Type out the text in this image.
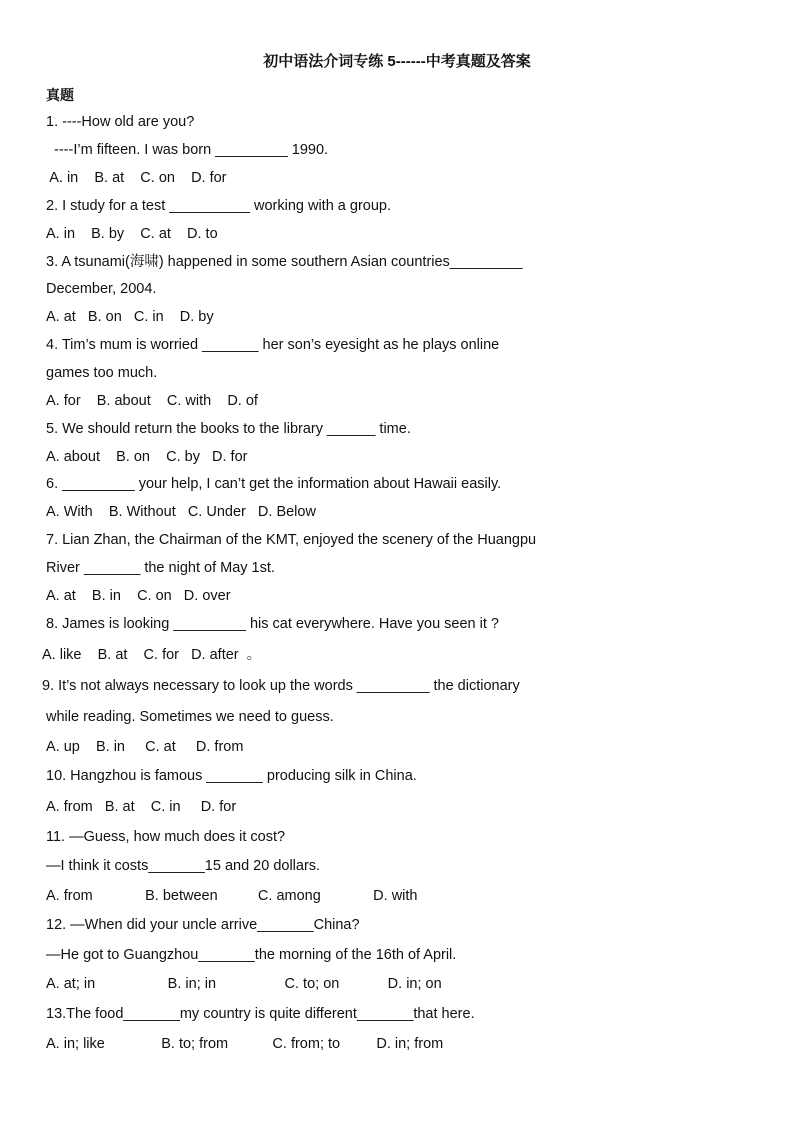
初中语法介词专练 5------中考真题及答案
真题
1. ----How old are you?
----I’m fifteen. I was born _________ 1990.
A. in    B. at    C. on    D. for
2. I study for a test __________ working with a group.
A. in    B. by    C. at    D. to
3. A tsunami(海啸) happened in some southern Asian countries_________
December, 2004.
A. at   B. on   C. in    D. by
4. Tim’s mum is worried _______ her son’s eyesight as he plays online
games too much.
A. for    B. about    C. with    D. of
5. We should return the books to the library ______ time.
A. about    B. on    C. by   D. for
6. _________ your help, I can’t get the information about Hawaii easily.
A. With    B. Without   C. Under   D. Below
7. Lian Zhan, the Chairman of the KMT, enjoyed the scenery of the Huangpu
River _______ the night of May 1st.
A. at    B. in    C. on   D. over
8. James is looking _________ his cat everywhere. Have you seen it ?
A. like    B. at    C. for   D. after  。
9. It’s not always necessary to look up the words _________ the dictionary
while reading. Sometimes we need to guess.
A. up    B. in     C. at     D. from
10. Hangzhou is famous _______ producing silk in China.
A. from   B. at    C. in     D. for
11. —Guess, how much does it cost?
—I think it costs_______15 and 20 dollars.
A. from             B. between          C. among             D. with
12. —When did your uncle arrive_______China?
—He got to Guangzhou_______the morning of the 16th of April.
A. at; in                  B. in; in                 C. to; on            D. in; on
13.The food_______my country is quite different_______that here.
A. in; like              B. to; from           C. from; to         D. in; from
